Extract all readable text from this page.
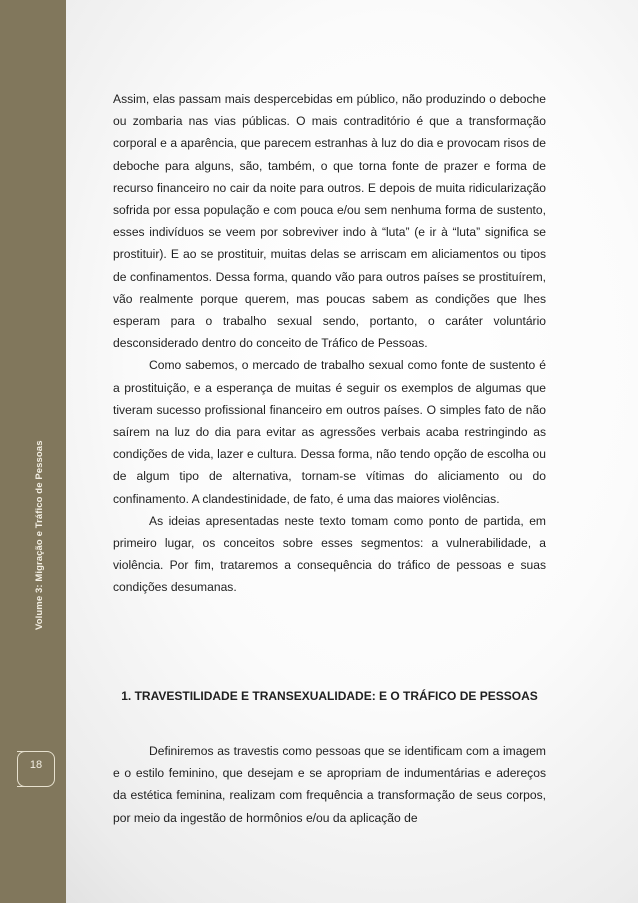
Volume 3: Migração e Tráfico de Pessoas
18

Assim, elas passam mais despercebidas em público, não produzindo o deboche ou zombaria nas vias públicas. O mais contraditório é que a transformação corporal e a aparência, que parecem estranhas à luz do dia e provocam risos de deboche para alguns, são, também, o que torna fonte de prazer e forma de recurso financeiro no cair da noite para outros. E depois de muita ridicularização sofrida por essa população e com pouca e/ou sem nenhuma forma de sustento, esses indivíduos se veem por sobreviver indo à “luta” (e ir à “luta” significa se prostituir). E ao se prostituir, muitas delas se arriscam em aliciamentos ou tipos de confinamentos. Dessa forma, quando vão para outros países se prostituírem, vão realmente porque querem, mas poucas sabem as condições que lhes esperam para o trabalho sexual sendo, portanto, o caráter voluntário desconsiderado dentro do conceito de Tráfico de Pessoas.

Como sabemos, o mercado de trabalho sexual como fonte de sustento é a prostituição, e a esperança de muitas é seguir os exemplos de algumas que tiveram sucesso profissional financeiro em outros países. O simples fato de não saírem na luz do dia para evitar as agressões verbais acaba restringindo as condições de vida, lazer e cultura. Dessa forma, não tendo opção de escolha ou de algum tipo de alternativa, tornam-se vítimas do aliciamento ou do confinamento. A clandestinidade, de fato, é uma das maiores violências.

As ideias apresentadas neste texto tomam como ponto de partida, em primeiro lugar, os conceitos sobre esses segmentos: a vulnerabilidade, a violência. Por fim, trataremos a consequência do tráfico de pessoas e suas condições desumanas.

1. TRAVESTILIDADE E TRANSEXUALIDADE: E O TRÁFICO DE PESSOAS

Definiremos as travestis como pessoas que se identificam com a imagem e o estilo feminino, que desejam e se apropriam de indumentárias e adereços da estética feminina, realizam com frequência a transformação de seus corpos, por meio da ingestão de hormônios e/ou da aplicação de
